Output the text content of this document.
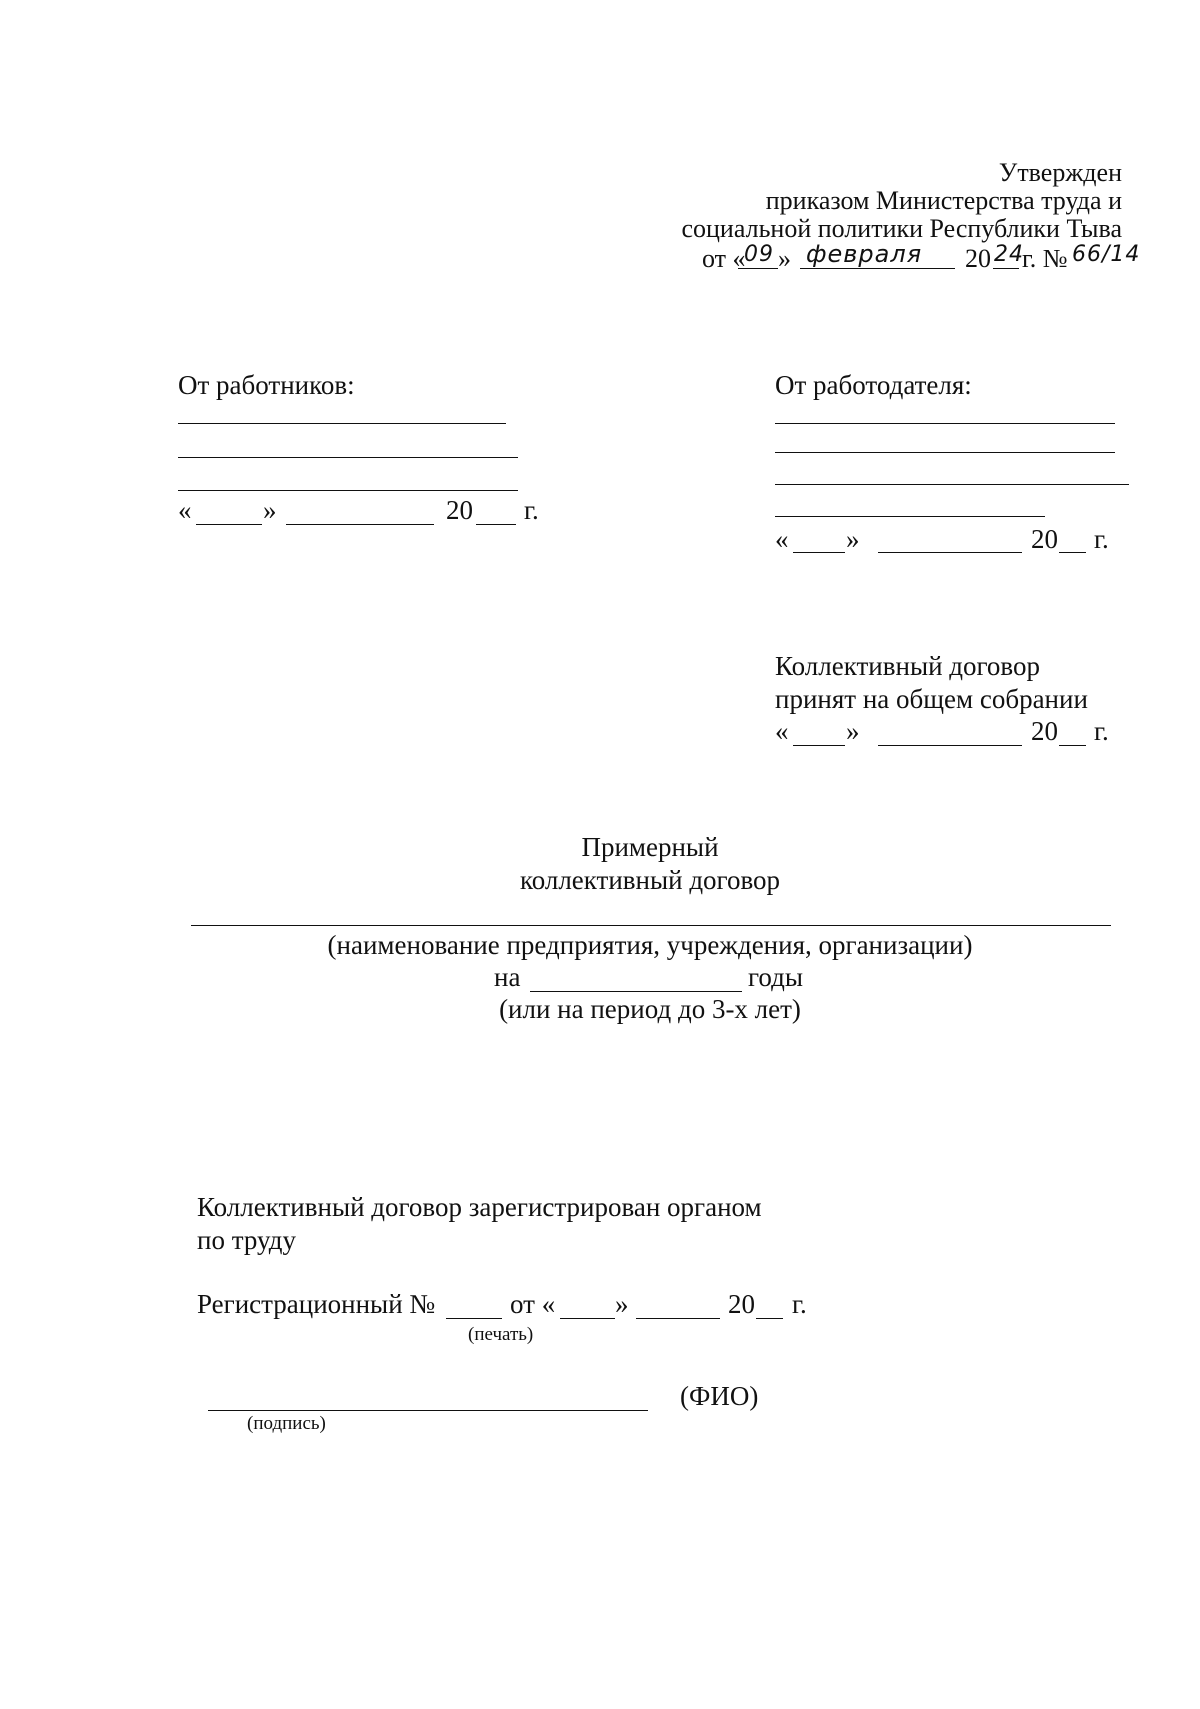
Утвержден
приказом Министерства труда и
социальной политики Республики Тыва
от «
09 » февраля 20 24
г. № 66/14
От работников:
«	»	20 г.
От работодателя:
« »	20 г.
Коллективный договор
принят на общем собрании
« »	20 г.
Примерный
коллективный договор
(наименование предприятия, учреждения, организации)
на	годы
(или на период до 3-х лет)
Коллективный договор зарегистрирован органом
по труду
Регистрационный №	от « »	20 г.
(печать)
(ФИО)
(подпись)
